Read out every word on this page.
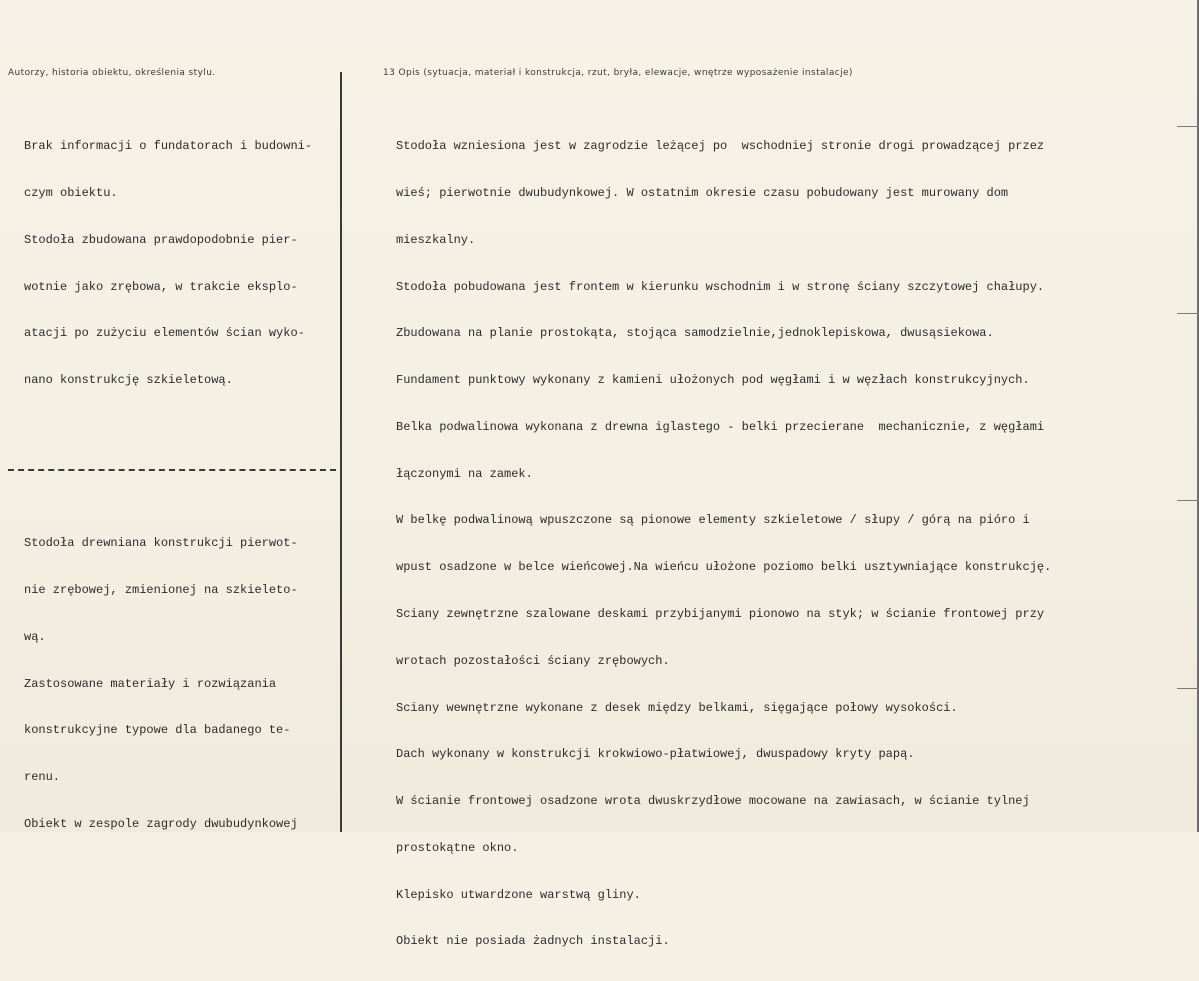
Autorzy, historia obiektu, określenia stylu.	13 Opis (sytuacja, materiał i konstrukcja, rzut, bryła, elewacje, wnętrze wyposażenie instalacje)

Brak informacji o fundatorach i budowni-

czym obiektu.

Stodoła zbudowana prawdopodobnie pier-

wotnie jako zrębowa, w trakcie eksplo-

atacji po zużyciu elementów ścian wyko-

nano konstrukcję szkieletową.

Stodoła drewniana konstrukcji pierwot-

nie zrębowej, zmienionej na szkieleto-

wą.

Zastosowane materiały i rozwiązania

konstrukcyjne typowe dla badanego te-

renu.

Obiekt w zespole zagrody dwubudynkowej

Stodoła wzniesiona jest w zagrodzie leżącej po  wschodniej stronie drogi prowadzącej przez

wieś; pierwotnie dwubudynkowej. W ostatnim okresie czasu pobudowany jest murowany dom

mieszkalny.

Stodoła pobudowana jest frontem w kierunku wschodnim i w stronę ściany szczytowej chałupy.

Zbudowana na planie prostokąta, stojąca samodzielnie,jednoklepiskowa, dwusąsiekowa.

Fundament punktowy wykonany z kamieni ułożonych pod węgłami i w węzłach konstrukcyjnych.

Belka podwalinowa wykonana z drewna iglastego - belki przecierane  mechanicznie, z węgłami

łączonymi na zamek.

W belkę podwalinową wpuszczone są pionowe elementy szkieletowe / słupy / górą na pióro i

wpust osadzone w belce wieńcowej.Na wieńcu ułożone poziomo belki usztywniające konstrukcję.

Sciany zewnętrzne szalowane deskami przybijanymi pionowo na styk; w ścianie frontowej przy

wrotach pozostałości ściany zrębowych.

Sciany wewnętrzne wykonane z desek między belkami, sięgające połowy wysokości.

Dach wykonany w konstrukcji krokwiowo-płatwiowej, dwuspadowy kryty papą.

W ścianie frontowej osadzone wrota dwuskrzydłowe mocowane na zawiasach, w ścianie tylnej

prostokątne okno.

Klepisko utwardzone warstwą gliny.

Obiekt nie posiada żadnych instalacji.
